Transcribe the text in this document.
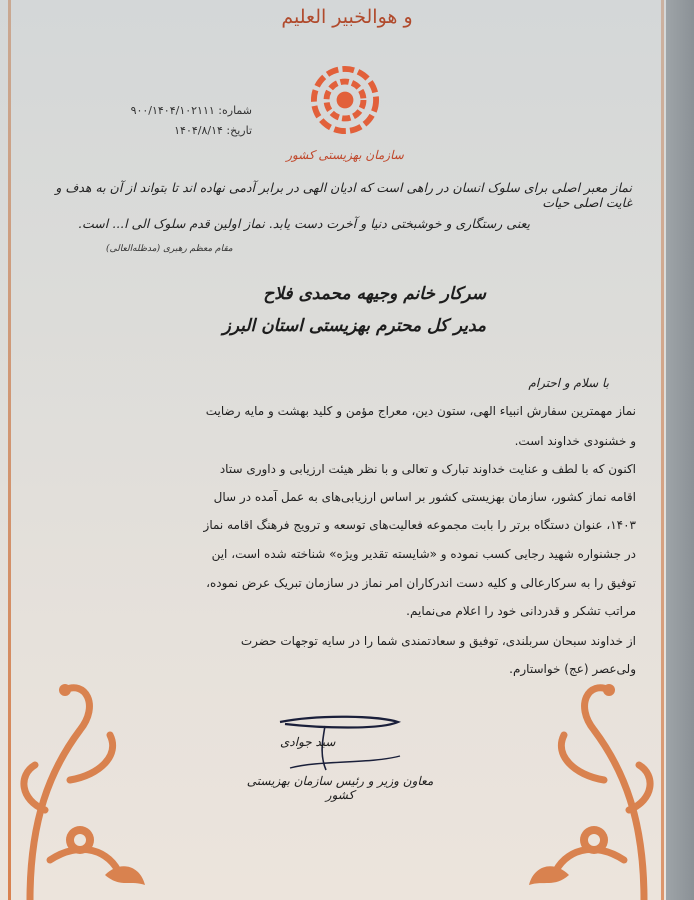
و هوالخبیر العلیم
سازمان بهزیستی کشور
شماره: ۹۰۰/۱۴۰۴/۱۰۲۱۱۱
تاریخ: ۱۴۰۴/۸/۱۴
نماز معبر اصلی برای سلوک انسان در راهی است که ادیان الهی در برابر آدمی نهاده اند تا بتواند از آن به هدف و غایت اصلی حیات
یعنی رستگاری و خوشبختی دنیا و آخرت دست یابد. نماز اولین قدم سلوک الی ا... است.
مقام معظم رهبری (مدظله‌العالی)
سرکار خانم وجیهه محمدی فلاح
مدیر کل محترم بهزیستی استان البرز
با سلام و احترام
نماز مهمترین سفارش انبیاء الهی، ستون دین، معراج مؤمن و کلید بهشت و مایه رضایت
و خشنودی خداوند است.
اکنون که با لطف و عنایت خداوند تبارک و تعالی و با نظر هیئت ارزیابی و داوری ستاد
اقامه نماز کشور، سازمان بهزیستی کشور بر اساس ارزیابی‌های به عمل آمده در سال
۱۴۰۳، عنوان دستگاه برتر را بابت مجموعه فعالیت‌های توسعه و ترویج فرهنگ اقامه نماز
در جشنواره شهید رجایی کسب نموده و «شایسته تقدیر ویژه» شناخته شده است، این
توفیق را به سرکارعالی و کلیه دست اندرکاران امر نماز در سازمان تبریک عرض نموده،
مراتب تشکر و قدردانی خود را اعلام می‌نمایم.
از خداوند سبحان سربلندی، توفیق و سعادتمندی شما را در سایه توجهات حضرت
ولی‌عصر (عج) خواستارم.
سید جوادی
معاون وزیر و رئیس سازمان بهزیستی کشور
